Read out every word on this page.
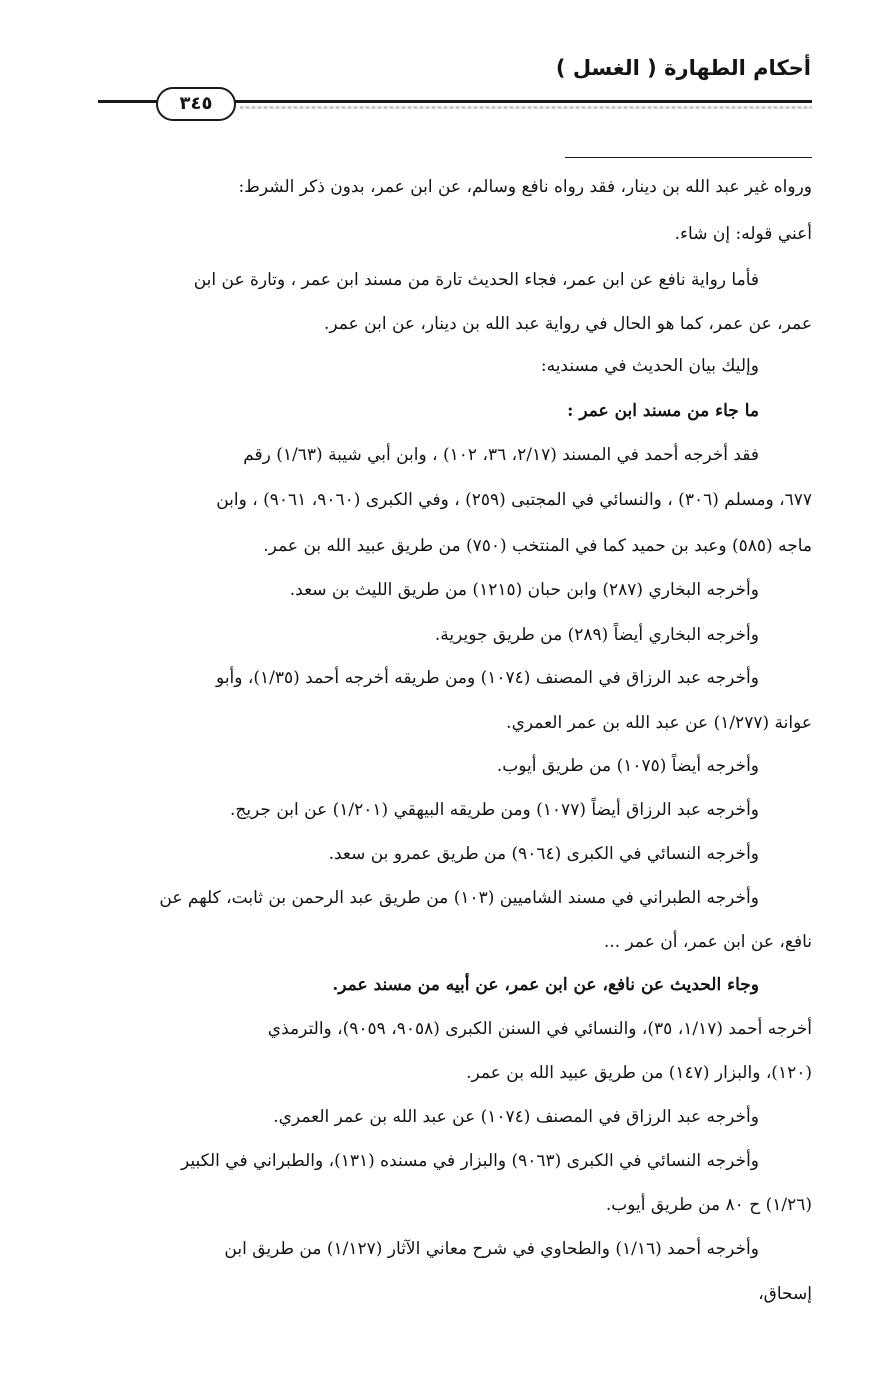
أحكام الطهارة ( الغسل )
٣٤٥
ورواه غير عبد الله بن دينار، فقد رواه نافع وسالم، عن ابن عمر، بدون ذكر الشرط:
أعني قوله: إن شاء.
فأما رواية نافع عن ابن عمر، فجاء الحديث تارة من مسند ابن عمر ، وتارة عن ابن
عمر، عن عمر، كما هو الحال في رواية عبد الله بن دينار، عن ابن عمر.
وإليك بيان الحديث في مسنديه:
ما جاء من مسند ابن عمر :
فقد أخرجه أحمد في المسند (٢/١٧، ٣٦، ١٠٢) ، وابن أبي شيبة (١/٦٣) رقم
٦٧٧، ومسلم (٣٠٦) ، والنسائي في المجتبى (٢٥٩) ، وفي الكبرى (٩٠٦٠، ٩٠٦١) ، وابن
ماجه (٥٨٥) وعبد بن حميد كما في المنتخب (٧٥٠) من طريق عبيد الله بن عمر.
وأخرجه البخاري (٢٨٧) وابن حبان (١٢١٥) من طريق الليث بن سعد.
وأخرجه البخاري أيضاً (٢٨٩) من طريق جويرية.
وأخرجه عبد الرزاق في المصنف (١٠٧٤) ومن طريقه أخرجه أحمد (١/٣٥)، وأبو
عوانة (١/٢٧٧) عن عبد الله بن عمر العمري.
وأخرجه أيضاً (١٠٧٥) من طريق أيوب.
وأخرجه عبد الرزاق أيضاً (١٠٧٧) ومن طريقه البيهقي (١/٢٠١) عن ابن جريج.
وأخرجه النسائي في الكبرى (٩٠٦٤) من طريق عمرو بن سعد.
وأخرجه الطبراني في مسند الشاميين (١٠٣) من طريق عبد الرحمن بن ثابت، كلهم عن
نافع، عن ابن عمر، أن عمر ...
وجاء الحديث عن نافع، عن ابن عمر، عن أبيه من مسند عمر.
أخرجه أحمد (١/١٧، ٣٥)، والنسائي في السنن الكبرى (٩٠٥٨، ٩٠٥٩)، والترمذي
(١٢٠)، والبزار (١٤٧) من طريق عبيد الله بن عمر.
وأخرجه عبد الرزاق في المصنف (١٠٧٤) عن عبد الله بن عمر العمري.
وأخرجه النسائي في الكبرى (٩٠٦٣) والبزار في مسنده (١٣١)، والطبراني في الكبير
(١/٢٦) ح ٨٠ من طريق أيوب.
وأخرجه أحمد (١/١٦) والطحاوي في شرح معاني الآثار (١/١٢٧) من طريق ابن
إسحاق،
